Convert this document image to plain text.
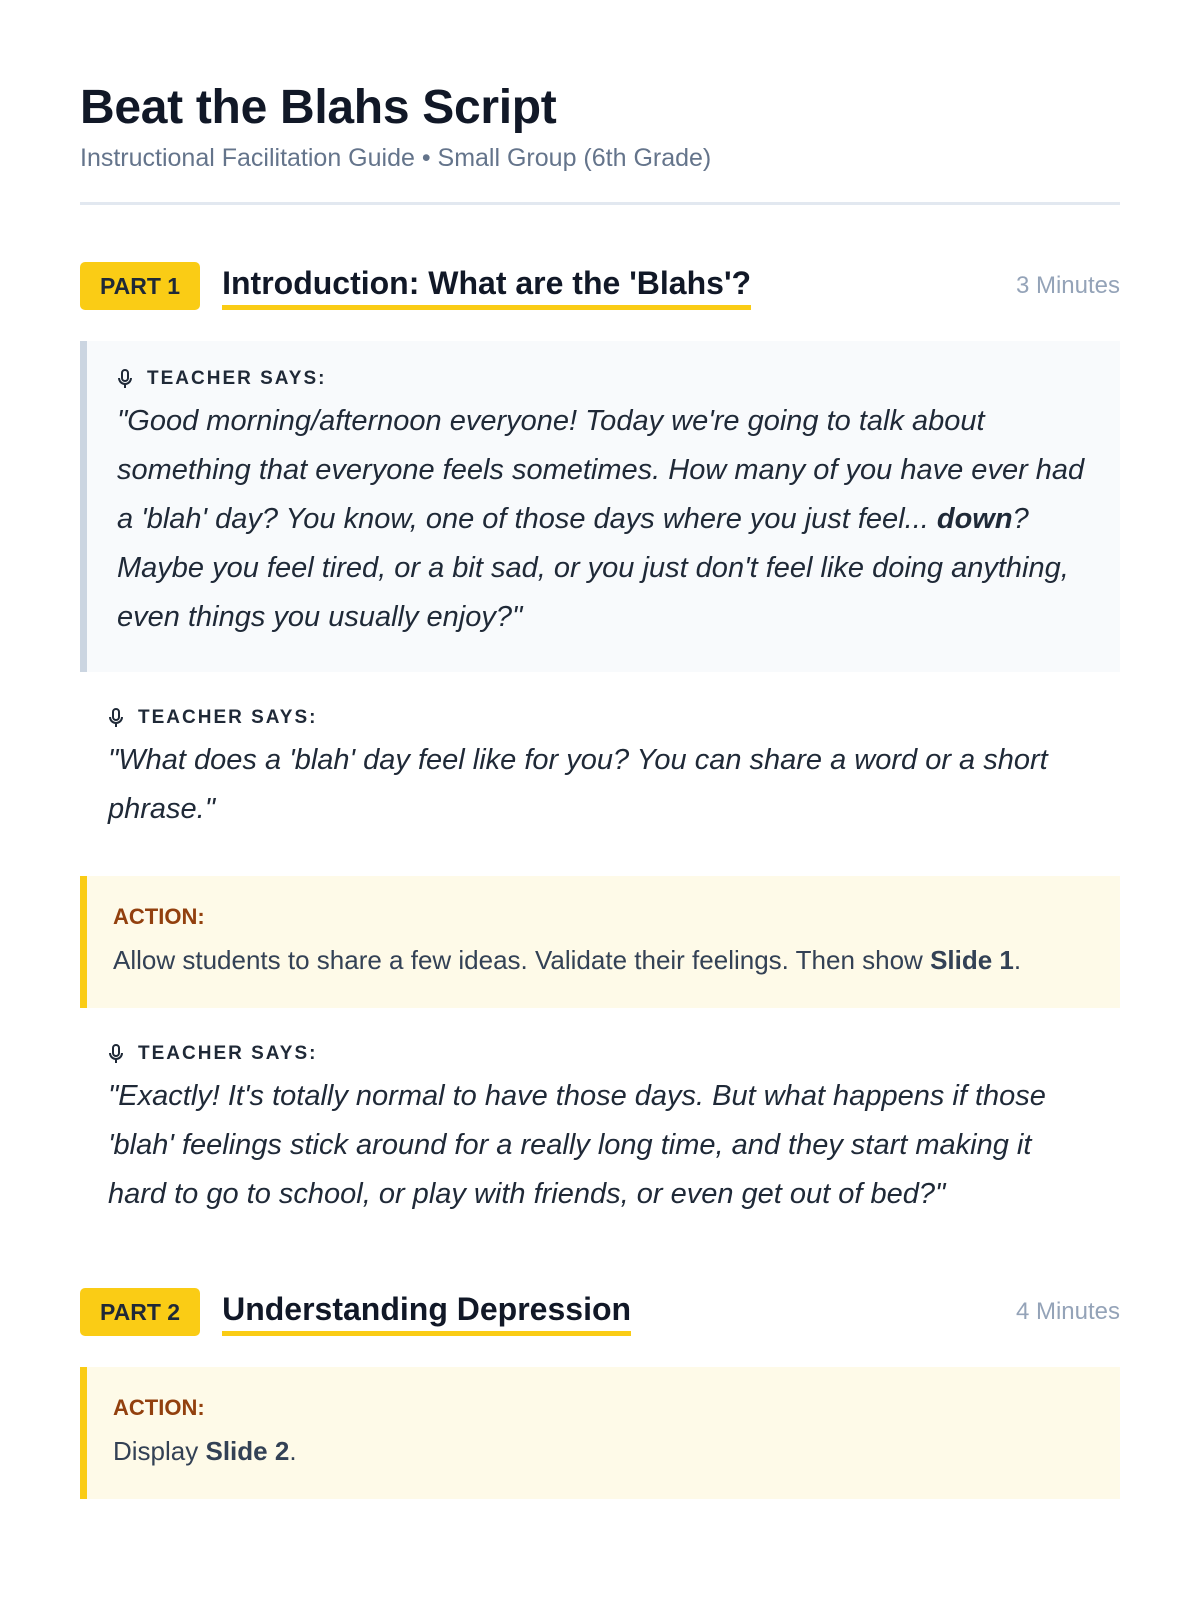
Beat the Blahs Script
Instructional Facilitation Guide • Small Group (6th Grade)
PART 1	Introduction: What are the 'Blahs'?	3 Minutes
TEACHER SAYS:

"Good morning/afternoon everyone! Today we're going to talk about something that everyone feels sometimes. How many of you have ever had a 'blah' day? You know, one of those days where you just feel... down? Maybe you feel tired, or a bit sad, or you just don't feel like doing anything, even things you usually enjoy?"

TEACHER SAYS:

"What does a 'blah' day feel like for you? You can share a word or a short phrase."

ACTION:

Allow students to share a few ideas. Validate their feelings. Then show Slide 1.

TEACHER SAYS:

"Exactly! It's totally normal to have those days. But what happens if those 'blah' feelings stick around for a really long time, and they start making it hard to go to school, or play with friends, or even get out of bed?"

PART 2	Understanding Depression	4 Minutes
ACTION:

Display Slide 2.
